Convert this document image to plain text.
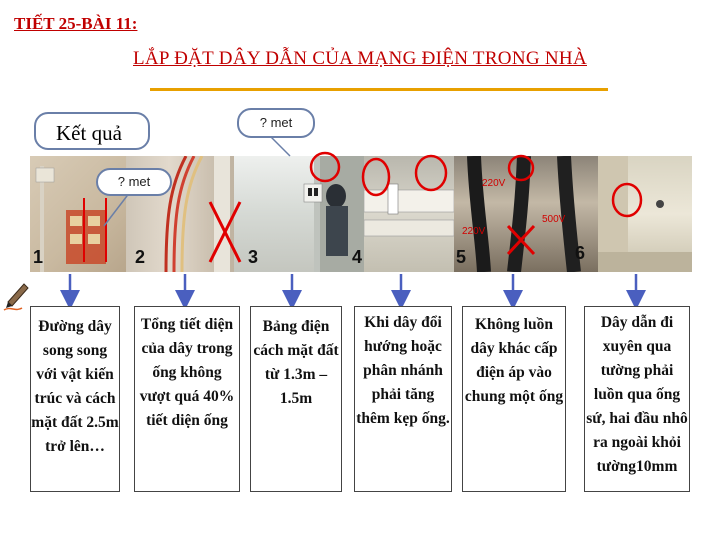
TIẾT 25-BÀI 11:
LẮP ĐẶT DÂY DẪN CỦA MẠNG ĐIỆN TRONG NHÀ
1	2	3	4	5	6
220V
500V
220V
Kết quả	? met
? met
Đường dây song song với vật kiến trúc và cách mặt đất 2.5m trở lên…
Tổng tiết diện của dây trong ống không vượt quá 40% tiết diện ống
Bảng điện cách mặt đất từ 1.3m – 1.5m
Khi dây đổi hướng hoặc phân nhánh phải tăng thêm kẹp ống.
Không luồn dây khác cấp điện áp vào chung một ống
Dây dẫn đi xuyên qua tường phải luồn qua ống sứ, hai đầu nhô ra ngoài khỏi tường10mm
